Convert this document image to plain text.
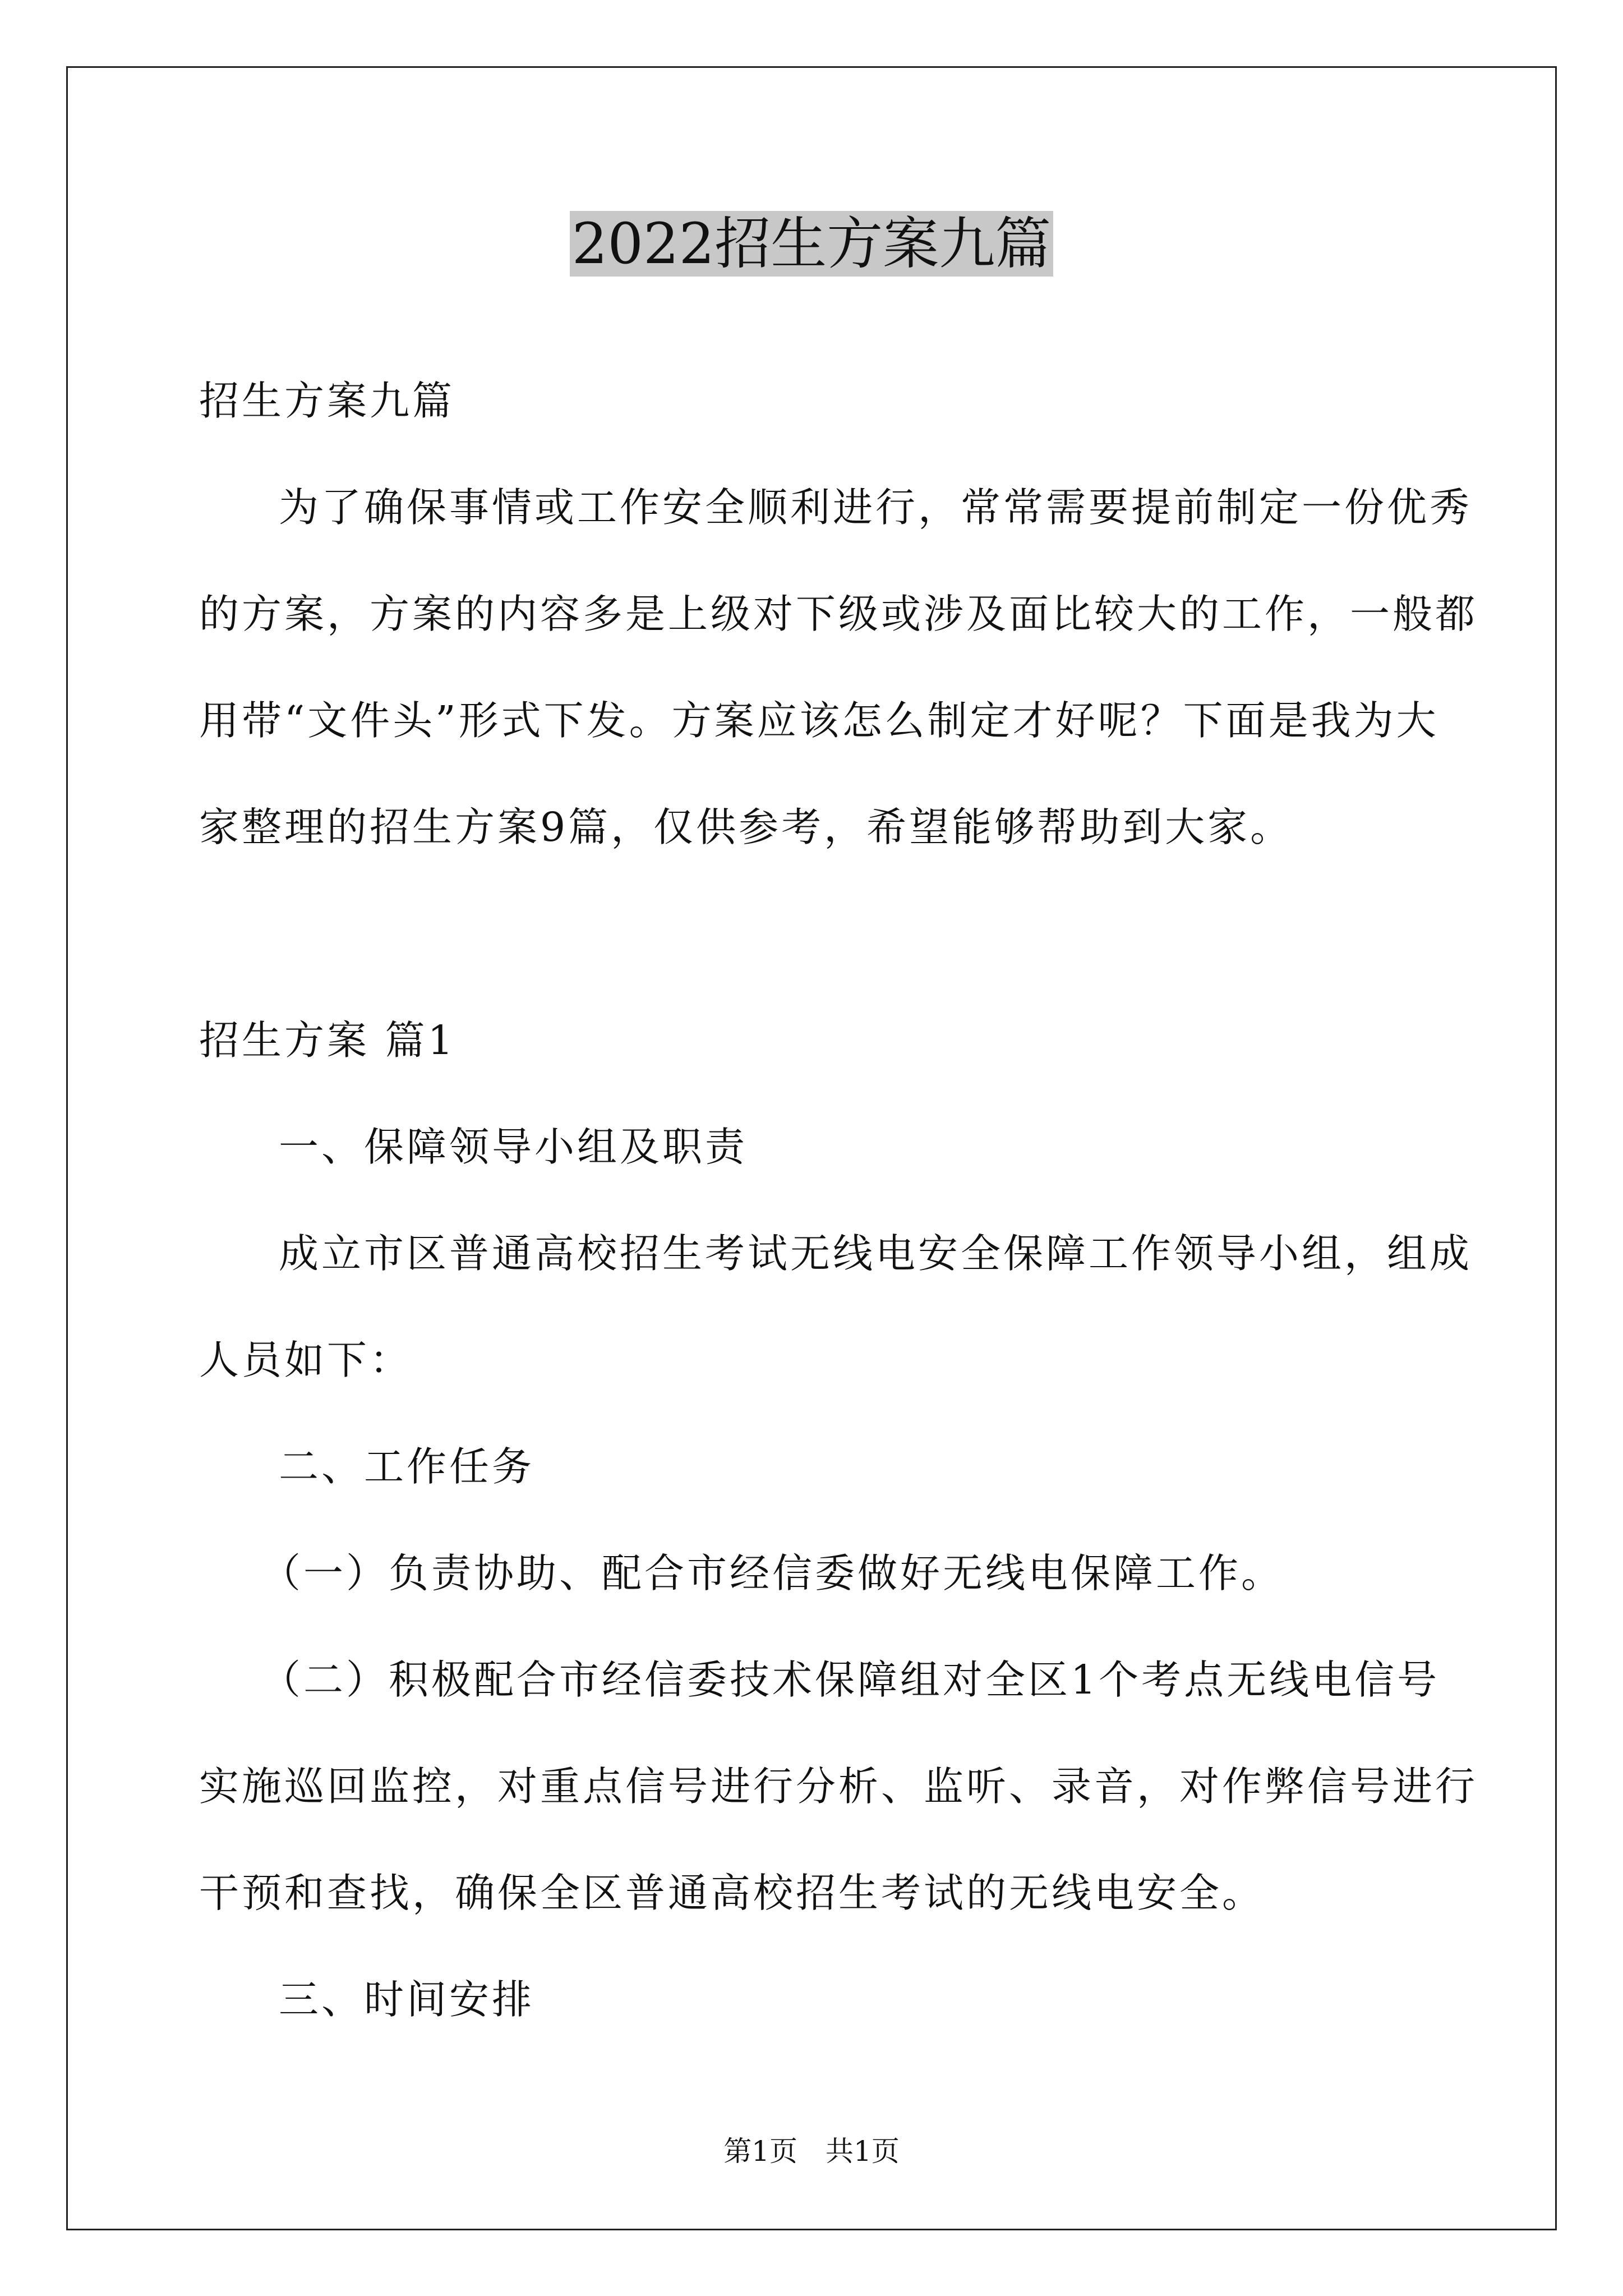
2022招生方案九篇

招生方案九篇

为了确保事情或工作安全顺利进行，常常需要提前制定一份优秀

的方案，方案的内容多是上级对下级或涉及面比较大的工作，一般都

用带“文件头”形式下发。方案应该怎么制定才好呢？下面是我为大

家整理的招生方案9篇，仅供参考，希望能够帮助到大家。

招生方案 篇1

一、保障领导小组及职责

成立市区普通高校招生考试无线电安全保障工作领导小组，组成

人员如下：

二、工作任务

（一）负责协助、配合市经信委做好无线电保障工作。

（二）积极配合市经信委技术保障组对全区1个考点无线电信号

实施巡回监控，对重点信号进行分析、监听、录音，对作弊信号进行

干预和查找，确保全区普通高校招生考试的无线电安全。

三、时间安排

第1页 共1页
